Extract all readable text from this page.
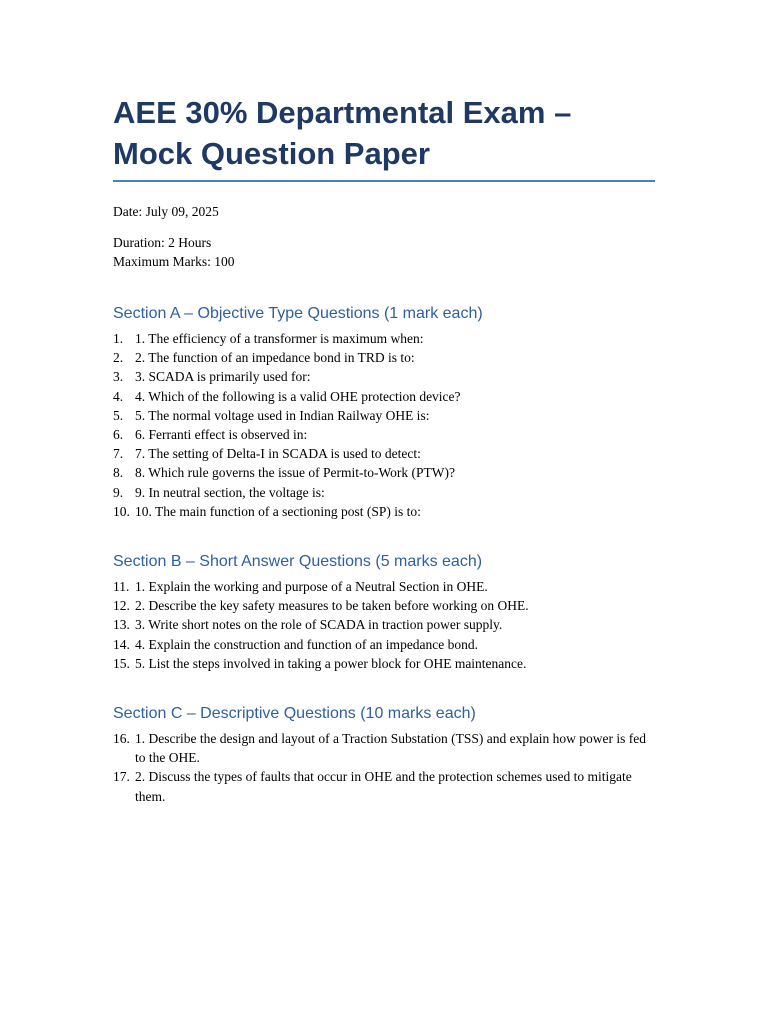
AEE 30% Departmental Exam – Mock Question Paper
Date: July 09, 2025
Duration: 2 Hours
Maximum Marks: 100
Section A – Objective Type Questions (1 mark each)
1. 1. The efficiency of a transformer is maximum when:
2. 2. The function of an impedance bond in TRD is to:
3. 3. SCADA is primarily used for:
4. 4. Which of the following is a valid OHE protection device?
5. 5. The normal voltage used in Indian Railway OHE is:
6. 6. Ferranti effect is observed in:
7. 7. The setting of Delta-I in SCADA is used to detect:
8. 8. Which rule governs the issue of Permit-to-Work (PTW)?
9. 9. In neutral section, the voltage is:
10. 10. The main function of a sectioning post (SP) is to:
Section B – Short Answer Questions (5 marks each)
11. 1. Explain the working and purpose of a Neutral Section in OHE.
12. 2. Describe the key safety measures to be taken before working on OHE.
13. 3. Write short notes on the role of SCADA in traction power supply.
14. 4. Explain the construction and function of an impedance bond.
15. 5. List the steps involved in taking a power block for OHE maintenance.
Section C – Descriptive Questions (10 marks each)
16. 1. Describe the design and layout of a Traction Substation (TSS) and explain how power is fed to the OHE.
17. 2. Discuss the types of faults that occur in OHE and the protection schemes used to mitigate them.
